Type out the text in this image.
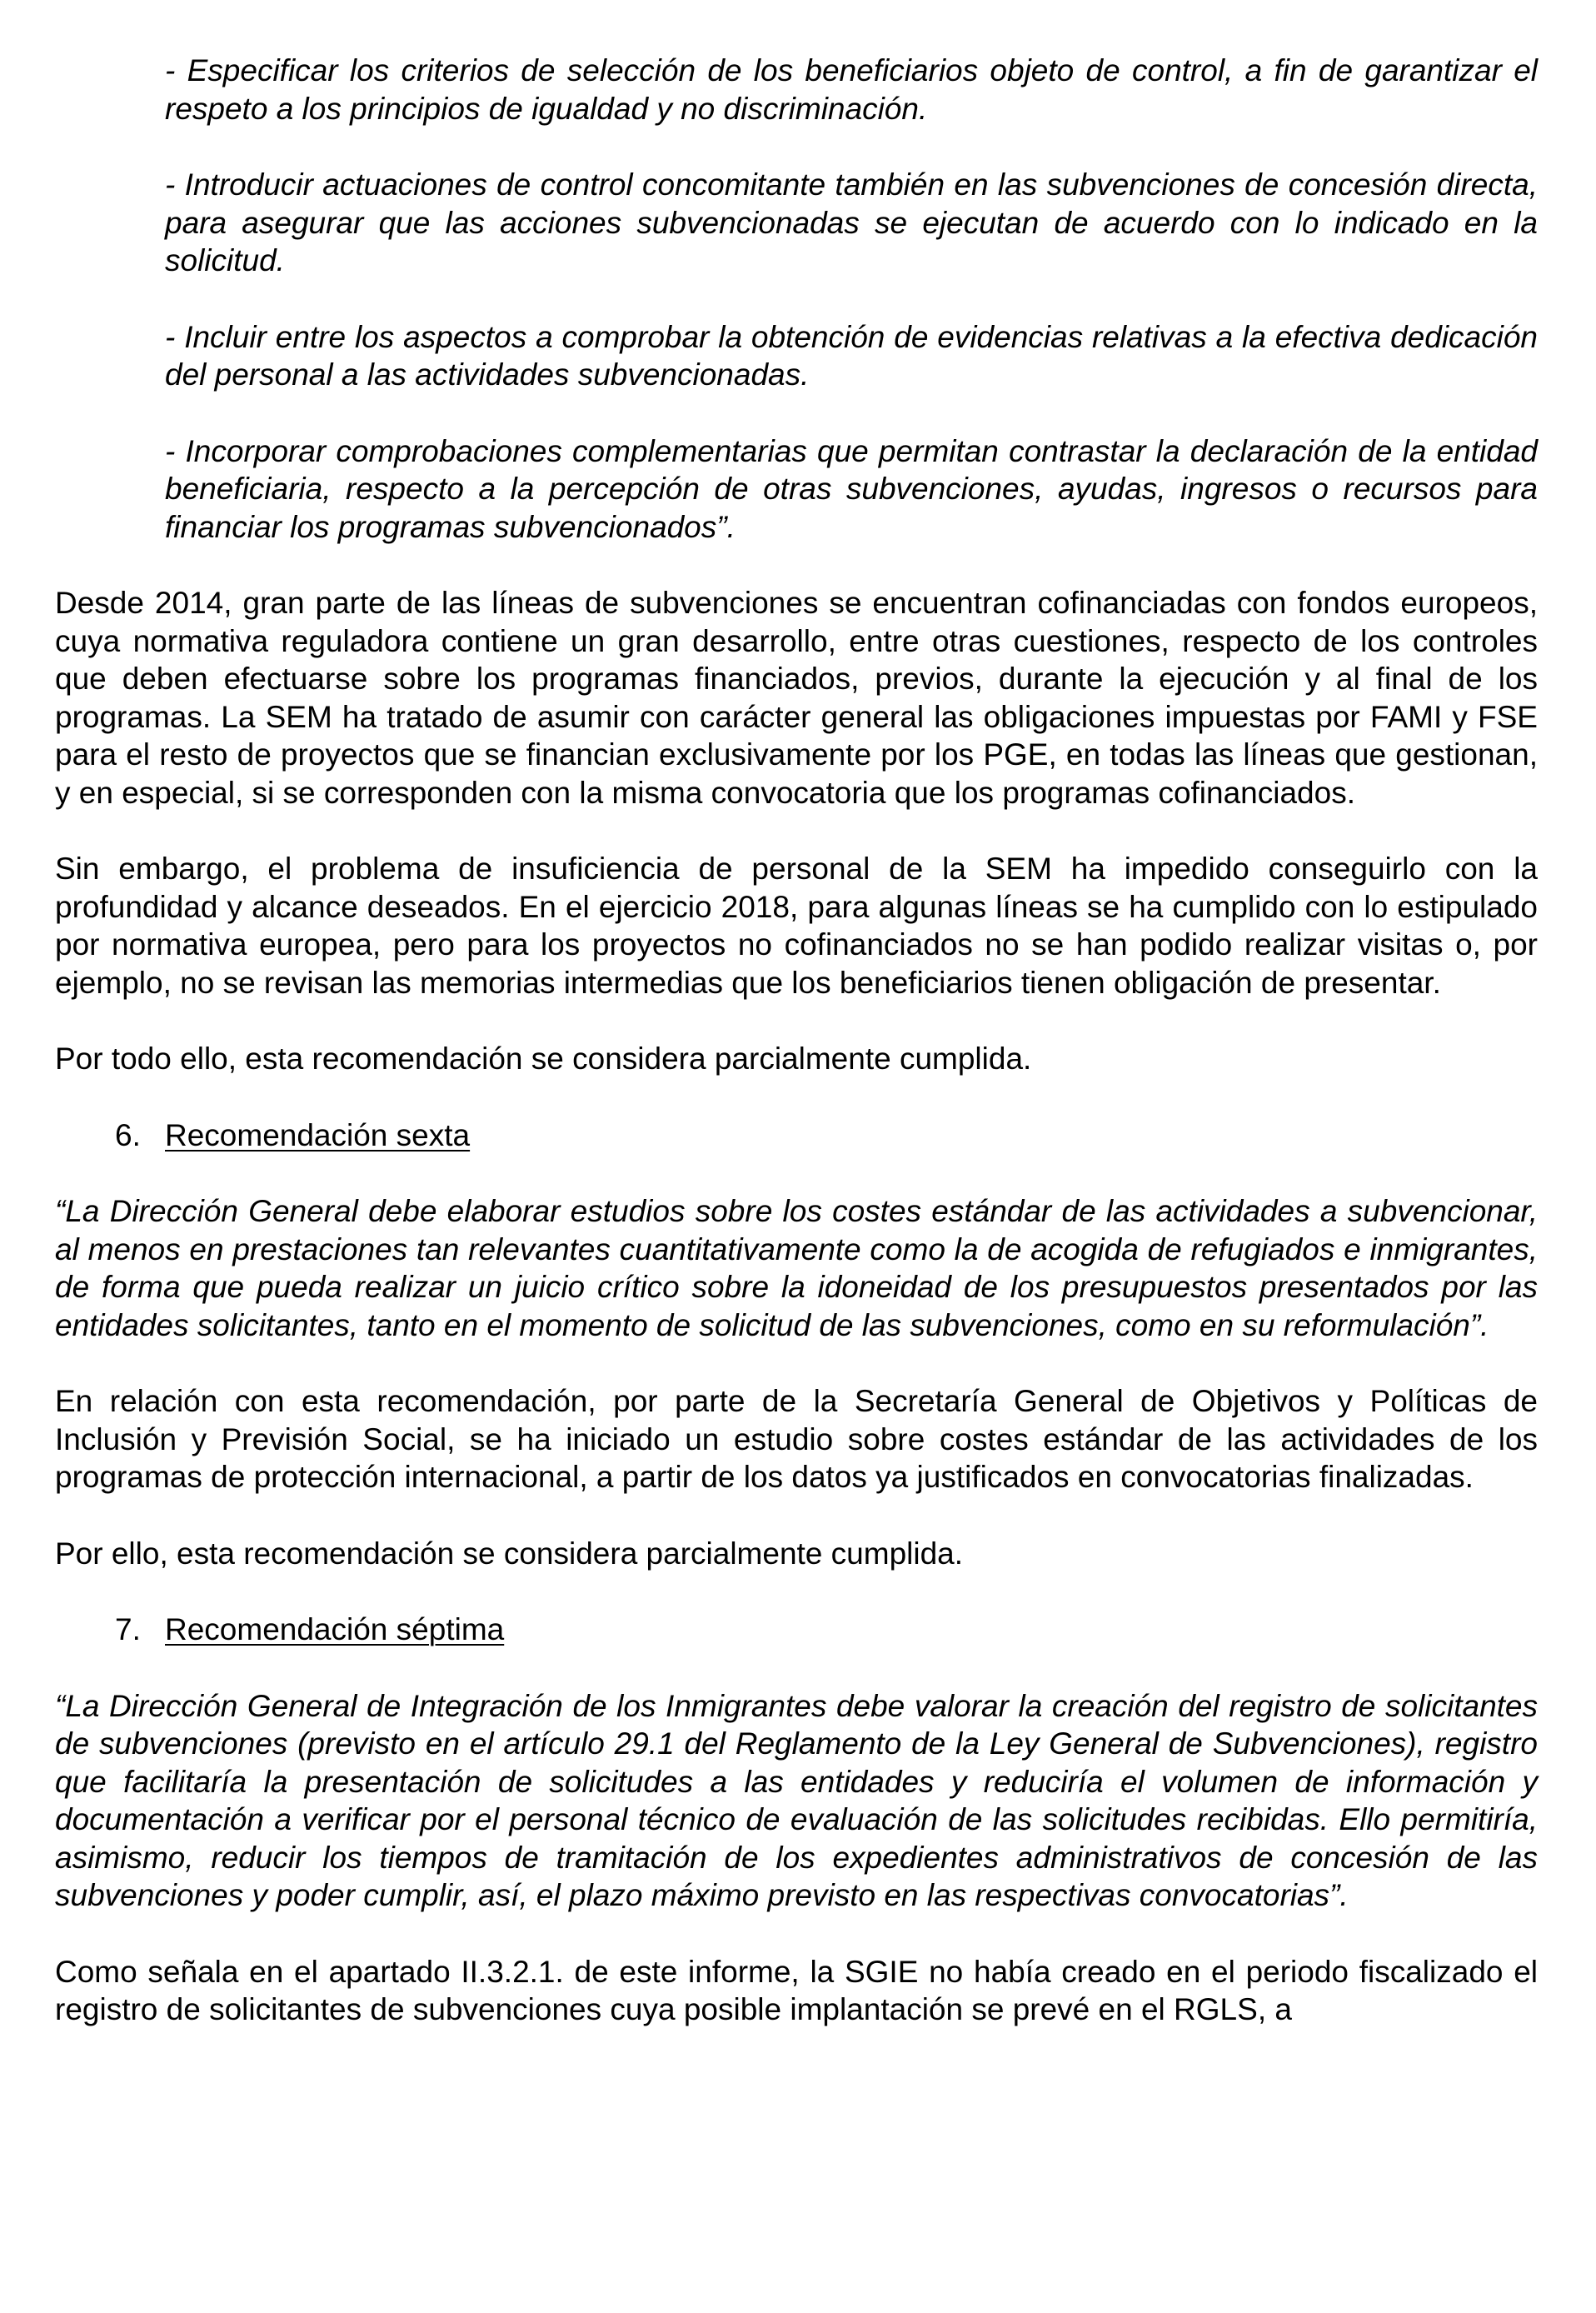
- Especificar los criterios de selección de los beneficiarios objeto de control, a fin de garantizar el respeto a los principios de igualdad y no discriminación.

- Introducir actuaciones de control concomitante también en las subvenciones de concesión directa, para asegurar que las acciones subvencionadas se ejecutan de acuerdo con lo indicado en la solicitud.

- Incluir entre los aspectos a comprobar la obtención de evidencias relativas a la efectiva dedicación del personal a las actividades subvencionadas.

- Incorporar comprobaciones complementarias que permitan contrastar la declaración de la entidad beneficiaria, respecto a la percepción de otras subvenciones, ayudas, ingresos o recursos para financiar los programas subvencionados”.

Desde 2014, gran parte de las líneas de subvenciones se encuentran cofinanciadas con fondos europeos, cuya normativa reguladora contiene un gran desarrollo, entre otras cuestiones, respecto de los controles que deben efectuarse sobre los programas financiados, previos, durante la ejecución y al final de los programas. La SEM ha tratado de asumir con carácter general las obligaciones impuestas por FAMI y FSE para el resto de proyectos que se financian exclusivamente por los PGE, en todas las líneas que gestionan, y en especial, si se corresponden con la misma convocatoria que los programas cofinanciados.

Sin embargo, el problema de insuficiencia de personal de la SEM ha impedido conseguirlo con la profundidad y alcance deseados. En el ejercicio 2018, para algunas líneas se ha cumplido con lo estipulado por normativa europea, pero para los proyectos no cofinanciados no se han podido realizar visitas o, por ejemplo, no se revisan las memorias intermedias que los beneficiarios tienen obligación de presentar.

Por todo ello, esta recomendación se considera parcialmente cumplida.

6. Recomendación sexta

“La Dirección General debe elaborar estudios sobre los costes estándar de las actividades a subvencionar, al menos en prestaciones tan relevantes cuantitativamente como la de acogida de refugiados e inmigrantes, de forma que pueda realizar un juicio crítico sobre la idoneidad de los presupuestos presentados por las entidades solicitantes, tanto en el momento de solicitud de las subvenciones, como en su reformulación”.

En relación con esta recomendación, por parte de la Secretaría General de Objetivos y Políticas de Inclusión y Previsión Social, se ha iniciado un estudio sobre costes estándar de las actividades de los programas de protección internacional, a partir de los datos ya justificados en convocatorias finalizadas.

Por ello, esta recomendación se considera parcialmente cumplida.

7. Recomendación séptima

“La Dirección General de Integración de los Inmigrantes debe valorar la creación del registro de solicitantes de subvenciones (previsto en el artículo 29.1 del Reglamento de la Ley General de Subvenciones), registro que facilitaría la presentación de solicitudes a las entidades y reduciría el volumen de información y documentación a verificar por el personal técnico de evaluación de las solicitudes recibidas. Ello permitiría, asimismo, reducir los tiempos de tramitación de los expedientes administrativos de concesión de las subvenciones y poder cumplir, así, el plazo máximo previsto en las respectivas convocatorias”.

Como señala en el apartado II.3.2.1. de este informe, la SGIE no había creado en el periodo fiscalizado el registro de solicitantes de subvenciones cuya posible implantación se prevé en el RGLS, a
